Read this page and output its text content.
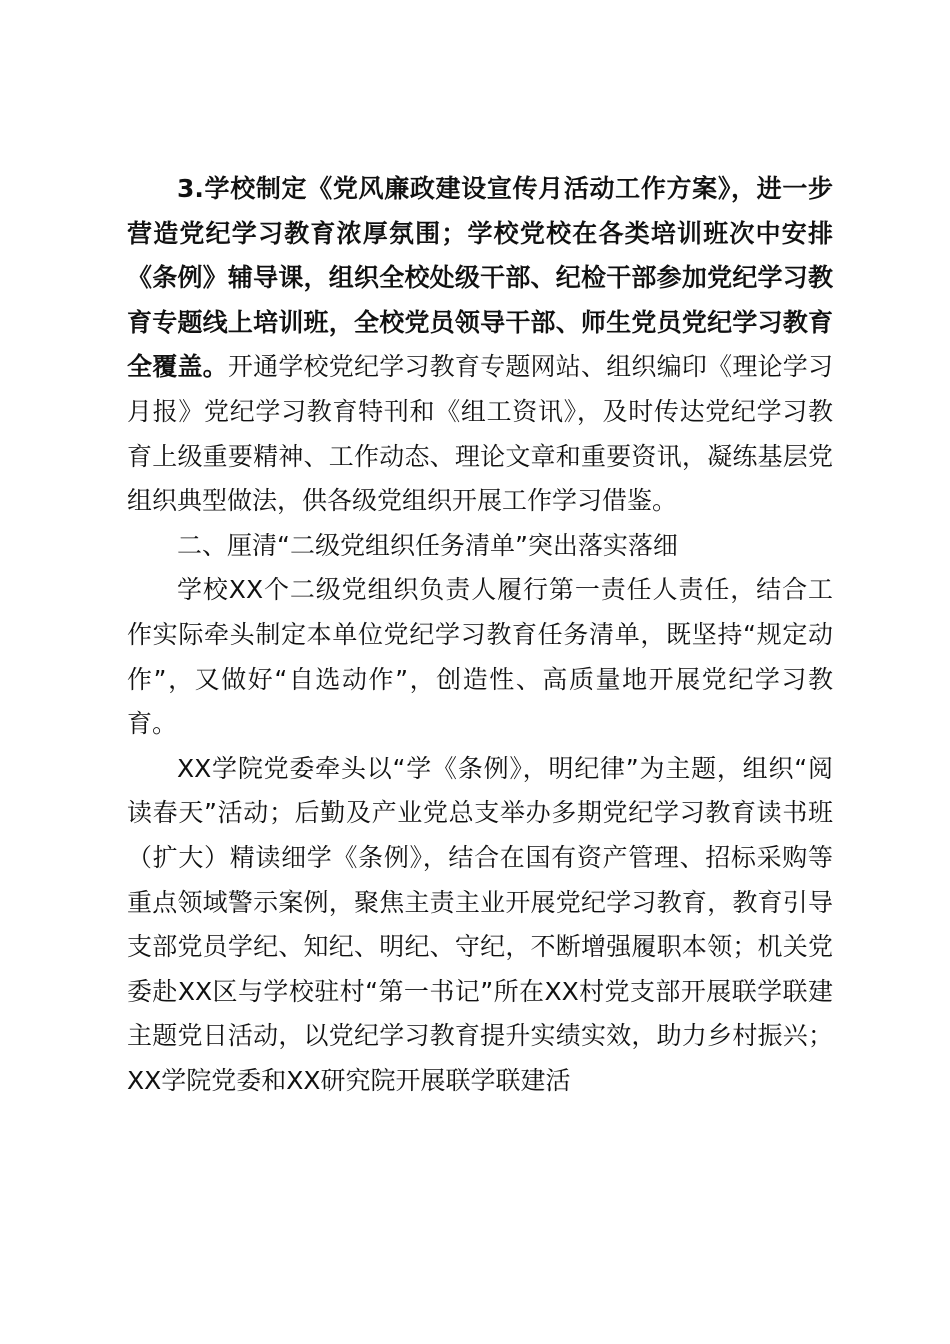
3.学校制定《党风廉政建设宣传月活动工作方案》，进一步营造党纪学习教育浓厚氛围；学校党校在各类培训班次中安排《条例》辅导课，组织全校处级干部、纪检干部参加党纪学习教育专题线上培训班，全校党员领导干部、师生党员党纪学习教育全覆盖。开通学校党纪学习教育专题网站、组织编印《理论学习月报》党纪学习教育特刊和《组工资讯》，及时传达党纪学习教育上级重要精神、工作动态、理论文章和重要资讯，凝练基层党组织典型做法，供各级党组织开展工作学习借鉴。

二、厘清“二级党组织任务清单”突出落实落细

学校XX个二级党组织负责人履行第一责任人责任，结合工作实际牵头制定本单位党纪学习教育任务清单，既坚持“规定动作”，又做好“自选动作”，创造性、高质量地开展党纪学习教育。

XX学院党委牵头以“学《条例》，明纪律”为主题，组织“阅读春天”活动；后勤及产业党总支举办多期党纪学习教育读书班（扩大）精读细学《条例》，结合在国有资产管理、招标采购等重点领域警示案例，聚焦主责主业开展党纪学习教育，教育引导支部党员学纪、知纪、明纪、守纪，不断增强履职本领；机关党委赴XX区与学校驻村“第一书记”所在XX村党支部开展联学联建主题党日活动，以党纪学习教育提升实绩实效，助力乡村振兴；XX学院党委和XX研究院开展联学联建活
